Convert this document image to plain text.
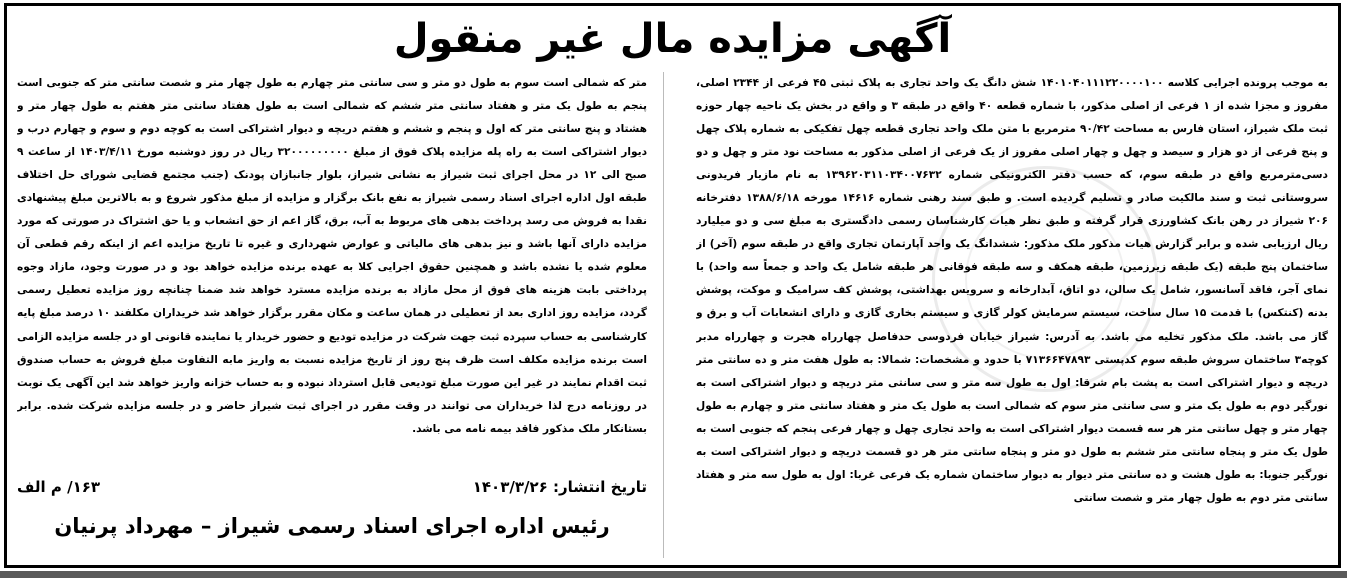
آگهی مزایده مال غیر منقول
به موجب پرونده اجرایی کلاسه ۱۴۰۱۰۴۰۱۱۱۲۲۰۰۰۰۱۰۰ شش دانگ یک واحد تجاری به پلاک ثبتی ۴۵ فرعی از ۲۳۴۴ اصلی، مفروز و مجزا شده از ۱ فرعی از اصلی مذکور، با شماره قطعه ۴۰ واقع در طبقه ۳ و واقع در بخش یک ناحیه چهار حوزه ثبت ملک شیراز، استان فارس به مساحت ۹۰/۴۲ مترمربع با متن ملک واحد تجاری قطعه چهل تفکیکی به شماره پلاک چهل و پنج فرعی از دو هزار و سیصد و چهل و چهار اصلی مفروز از یک فرعی از اصلی مذکور به مساحت نود متر و چهل و دو دسی‌مترمربع واقع در طبقه سوم، که حسب دفتر الکترونیکی شماره ۱۳۹۶۲۰۳۱۱۰۳۴۰۰۷۶۳۲ به نام مازیار فریدونی سروستانی ثبت و سند مالکیت صادر و تسلیم گردیده است. و طبق سند رهنی شماره ۱۴۶۱۶ مورخه ۱۳۸۸/۶/۱۸ دفترخانه ۲۰۶ شیراز در رهن بانک کشاورزی قرار گرفته و طبق نظر هیات کارشناسان رسمی دادگستری به مبلغ سی و دو میلیارد ریال ارزیابی شده و برابر گزارش هیات مذکور ملک مذکور: ششدانگ یک واحد آپارتمان تجاری واقع در طبقه سوم (آخر) از ساختمان پنج طبقه (یک طبقه زیرزمین، طبقه همکف و سه طبقه فوقانی هر طبقه شامل یک واحد و جمعاً سه واحد) با نمای آجر، فاقد آسانسور، شامل یک سالن، دو اتاق، آبدارخانه و سرویس بهداشتی، پوشش کف سرامیک و موکت، پوشش بدنه (کنتکس) با قدمت ۱۵ سال ساخت، سیستم سرمایش کولر گازی و سیستم بخاری گازی و دارای انشعابات آب و برق و گاز می باشد. ملک مذکور تخلیه می باشد. به آدرس: شیراز خیابان فردوسی حدفاصل چهارراه هجرت و چهارراه مدبر کوچه۳ ساختمان سروش طبقه سوم کدپستی ۷۱۳۶۶۴۷۸۹۳ با حدود و مشخصات: شمالا: به طول هفت متر و ده سانتی متر دریچه و دیوار اشتراکی است به پشت بام شرقا: اول به طول سه متر و سی سانتی متر دریچه و دیوار اشتراکی است به نورگیر دوم به طول یک متر و سی سانتی متر سوم که شمالی است به طول یک متر و هفتاد سانتی متر و چهارم به طول چهار متر و چهل سانتی متر هر سه قسمت دیوار اشتراکی است به واحد تجاری چهل و چهار فرعی پنجم که جنوبی است به طول یک متر و پنجاه سانتی متر ششم به طول دو متر و پنجاه سانتی متر هر دو قسمت دریچه و دیوار اشتراکی است به نورگیر جنوبا: به طول هشت و ده سانتی متر دیوار به دیوار ساختمان شماره یک فرعی غربا: اول به طول سه متر و هفتاد سانتی متر دوم به طول چهار متر و شصت سانتی
متر که شمالی است سوم به طول دو متر و سی سانتی متر چهارم به طول چهار متر و شصت سانتی متر که جنوبی است پنجم به طول یک متر و هفتاد سانتی متر ششم که شمالی است به طول هفتاد سانتی متر هفتم به طول چهار متر و هشتاد و پنج سانتی متر که اول و پنجم و ششم و هفتم دریچه و دیوار اشتراکی است به کوچه دوم و سوم و چهارم درب و دیوار اشتراکی است به راه پله مزایده پلاک فوق از مبلغ ۳۲۰۰۰۰۰۰۰۰۰ ریال در روز دوشنبه مورخ ۱۴۰۳/۴/۱۱ از ساعت ۹ صبح الی ۱۲ در محل اجرای ثبت شیراز به نشانی شیراز، بلوار جانبازان پودنک (جنب مجتمع قضایی شورای حل اختلاف طبقه اول اداره اجرای اسناد رسمی شیراز به نفع بانک برگزار و مزایده از مبلغ مذکور شروع و به بالاترین مبلغ پیشنهادی نقدا به فروش می رسد پرداخت بدهی های مربوط به آب، برق، گاز اعم از حق انشعاب و یا حق اشتراک در صورتی که مورد مزایده دارای آنها باشد و نیز بدهی های مالیاتی و عوارض شهرداری و غیره تا تاریخ مزایده اعم از اینکه رقم قطعی آن معلوم شده یا نشده باشد و همچنین حقوق اجرایی کلا به عهده برنده مزایده خواهد بود و در صورت وجود، مازاد وجوه پرداختی بابت هزینه های فوق از محل مازاد به برنده مزایده مسترد خواهد شد ضمنا چنانچه روز مزایده تعطیل رسمی گردد، مزایده روز اداری بعد از تعطیلی در همان ساعت و مکان مقرر برگزار خواهد شد خریداران مکلفند ۱۰ درصد مبلغ پایه کارشناسی به حساب سپرده ثبت جهت شرکت در مزایده تودیع و حضور خریدار یا نماینده قانونی او در جلسه مزایده الزامی است برنده مزایده مکلف است ظرف پنج روز از تاریخ مزایده نسبت به واریز مابه التفاوت مبلغ فروش به حساب صندوق ثبت اقدام نمایند در غیر این صورت مبلغ تودیعی قابل استرداد نبوده و به حساب خزانه واریز خواهد شد این آگهی یک نوبت در روزنامه درج لذا خریداران می توانند در وقت مقرر در اجرای ثبت شیراز حاضر و در جلسه مزایده شرکت شده. برابر بستانکار ملک مذکور فاقد بیمه نامه می باشد.
تاریخ انتشار: ۱۴۰۳/۳/۲۶
۱۶۳/ م الف
رئیس اداره اجرای اسناد رسمی شیراز – مهرداد پرنیان
